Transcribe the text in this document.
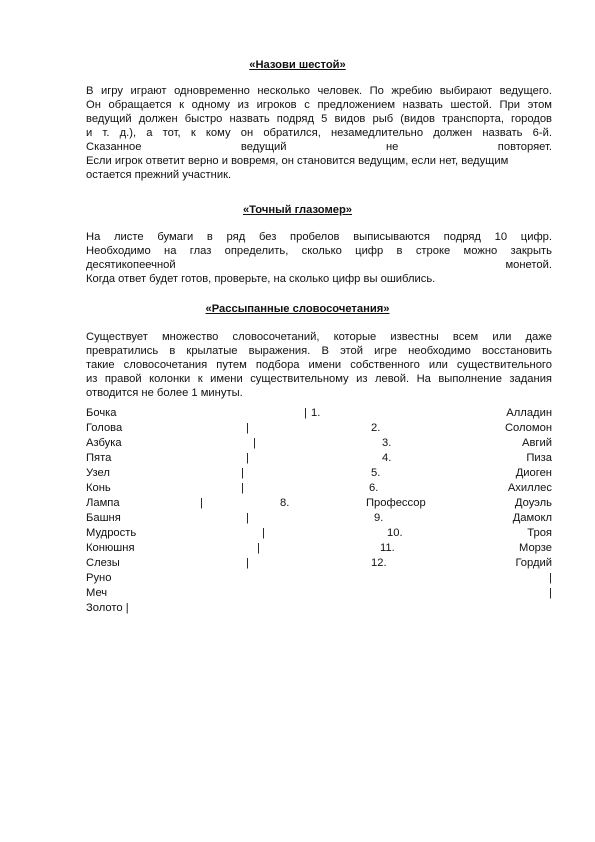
«Назови шестой»
В игру играют одновременно несколько человек. По жребию выбирают ведущего.
Он обращается к одному из игроков с предложением назвать шестой. При этом
ведущий должен быстро назвать подряд 5 видов рыб (видов транспорта, городов
и т. д.), а тот, к кому он обратился, незамедлительно должен назвать 6-й.
Сказанное ведущий не повторяет.
Если игрок ответит верно и вовремя, он становится ведущим, если нет, ведущим
остается прежний участник.
«Точный глазомер»
На листе бумаги в ряд без пробелов выписываются подряд 10 цифр.
Необходимо на глаз определить, сколько цифр в строке можно закрыть
десятикопеечной монетой.
Когда ответ будет готов, проверьте, на сколько цифр вы ошиблись.
«Рассыпанные словосочетания»
Существует множество словосочетаний, которые известны всем или даже
превратились в крылатые выражения. В этой игре необходимо восстановить
такие словосочетания путем подбора имени собственного или существительного
из правой колонки к имени существительному из левой. На выполнение задания
отводится не более 1 минуты.
Бочка	| 1.	Алладин
Голова	|	2.	Соломон
Азбука	|	3.	Авгий
Пята	|	4.	Пиза
Узел	|	5.	Диоген
Конь	|	6.	Ахиллес
Лампа	|	8.	Профессор	Доуэль
Башня	|	9.	Дамокл
Мудрость	|	10.	Троя
Конюшня	|	11.	Морзе
Слезы	|	12.	Гордий
Руно	|
Меч	|
Золото |
